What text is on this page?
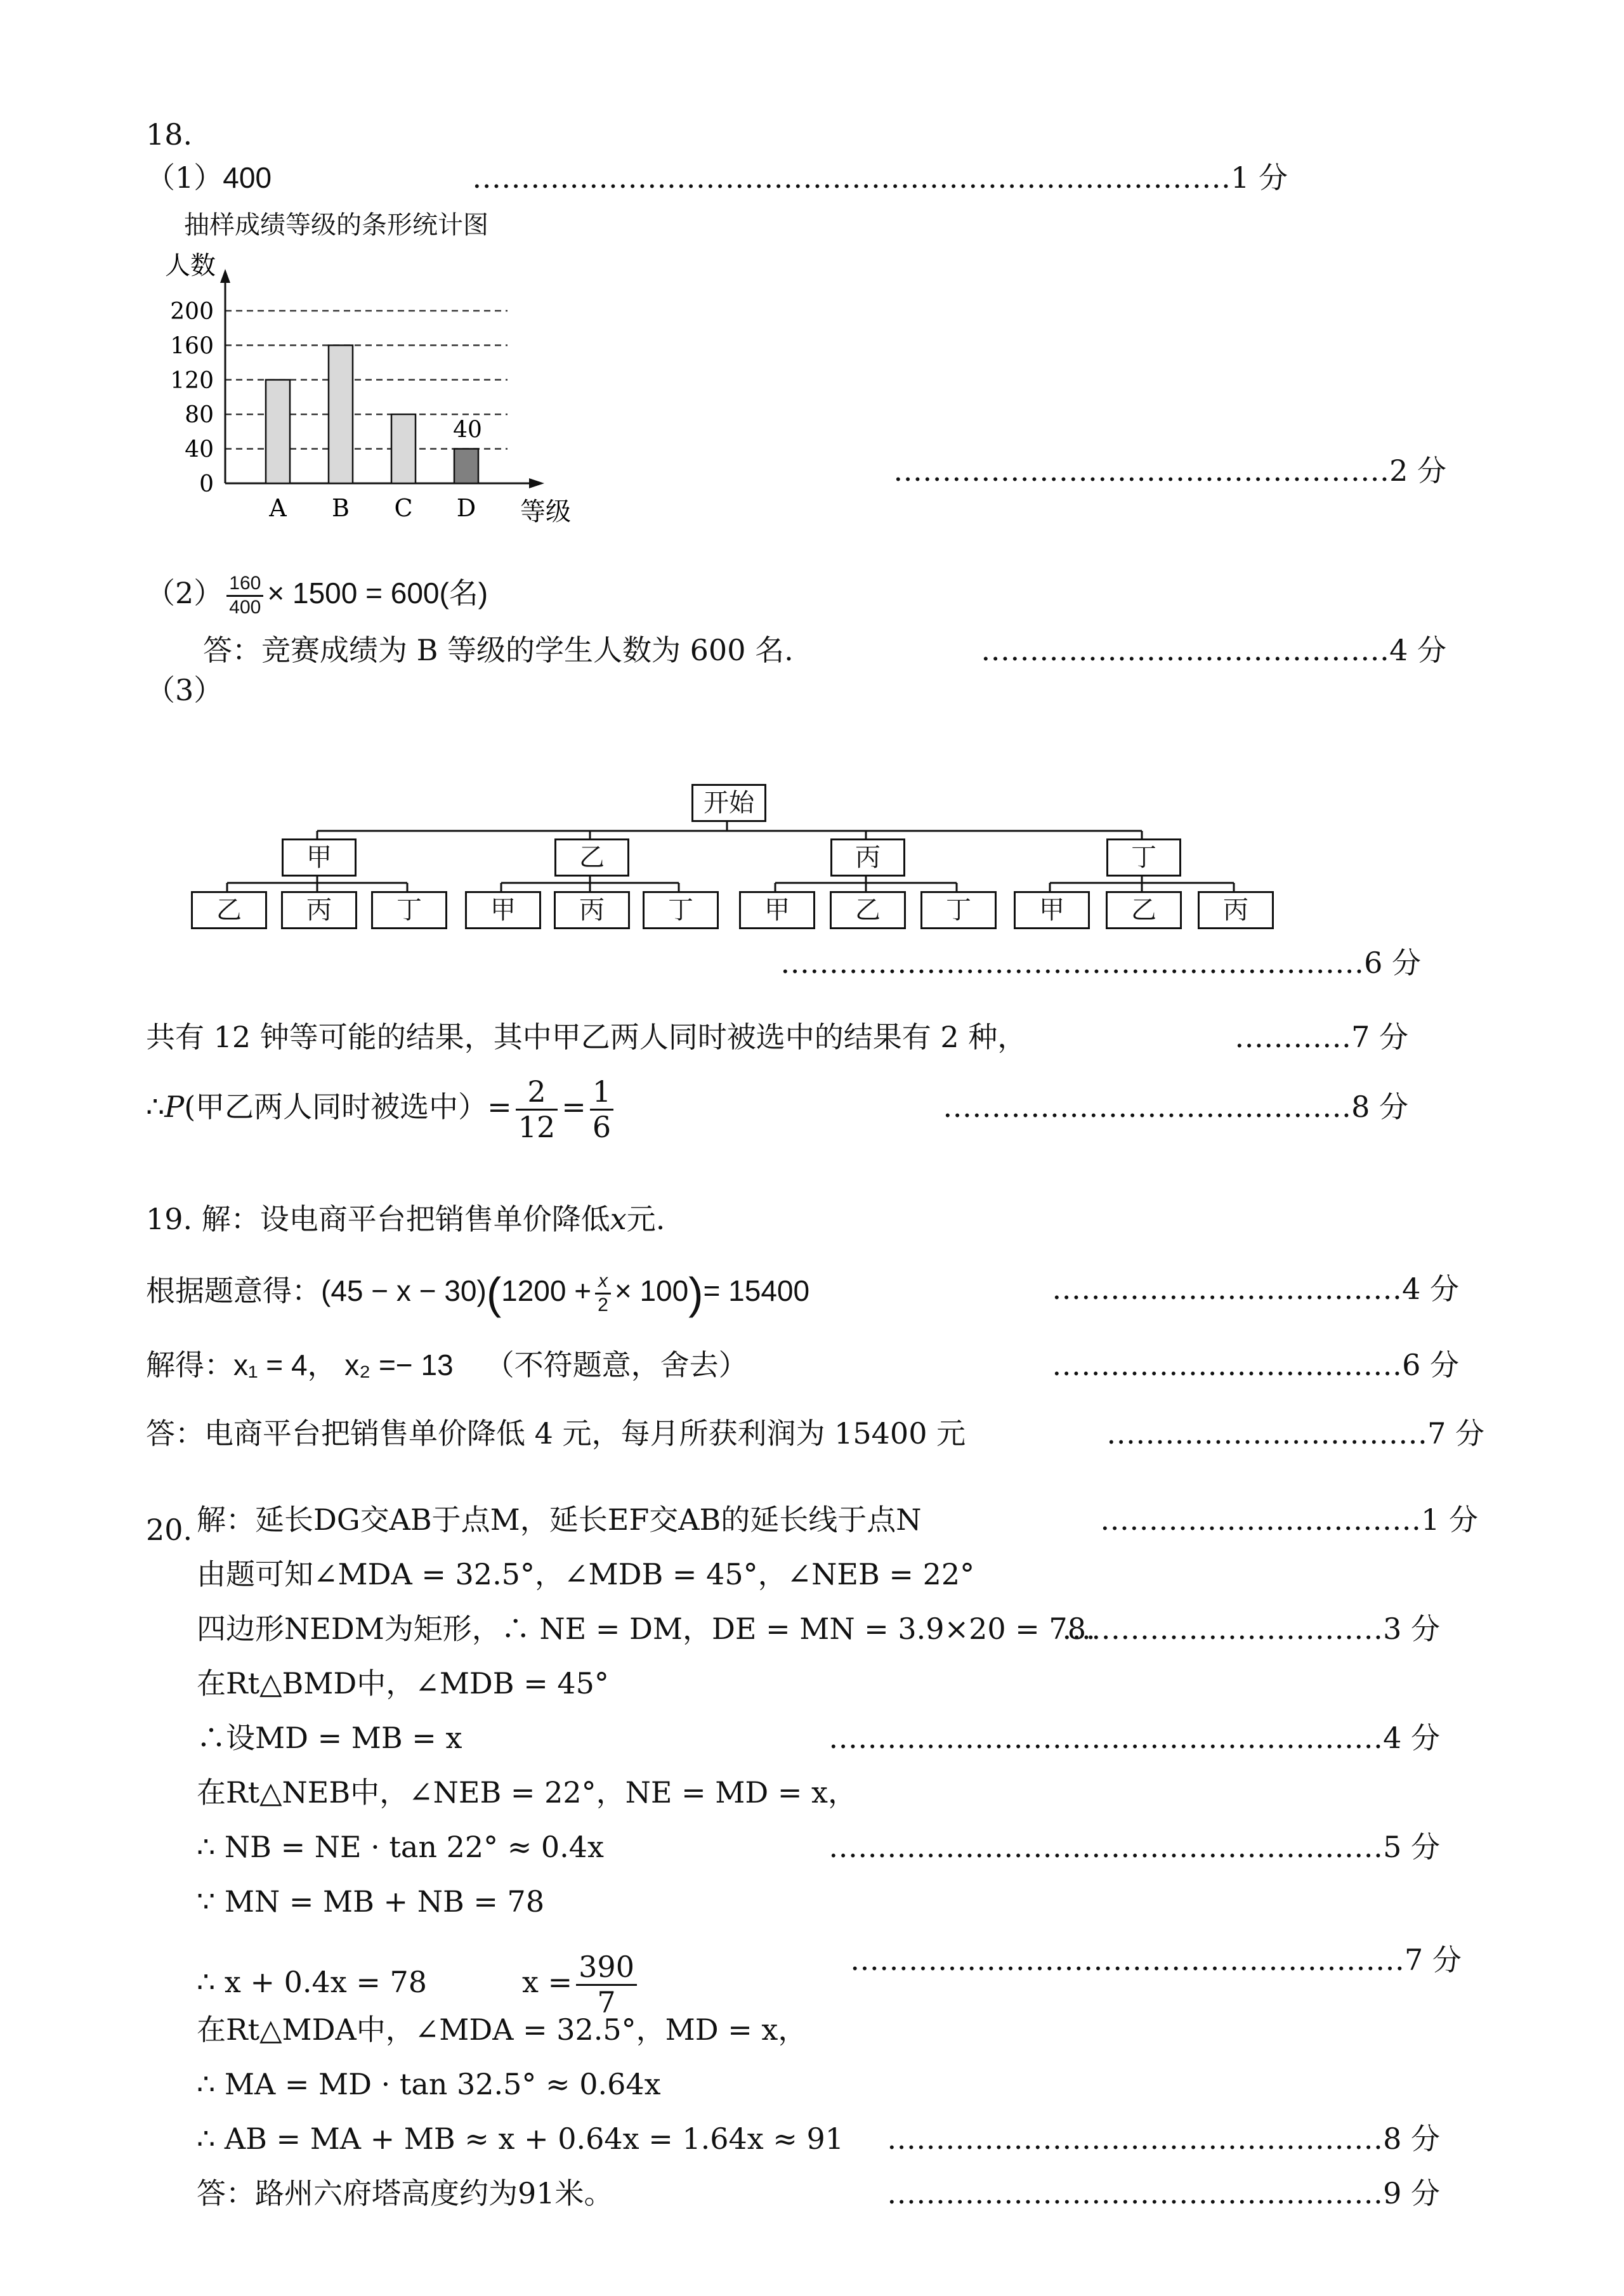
18.
（1）400	……………………………………………………………………1 分
抽样成绩等级的条形统计图
0
40
80
120
160
200
人数
等级
A B C D
40
……………………………………………2 分
$(2) \frac{160}{400} \times 1500 = 600$(名)
答：竞赛成绩为 B 等级的学生人数为 600 名.	……………………………………4 分
（3）
开始
甲	乙	丙	丁
乙	丙	丁	甲	丙	丁	甲	乙	丁	甲	乙	丙
……………………………………………………6 分
共有 12 钟等可能的结果，其中甲乙两人同时被选中的结果有 2 种，	…………7 分
∴P(甲乙两人同时被选中）= $\frac{2}{12} = \frac{1}{6}$	……………………………………8 分
19. 解：设电商平台把销售单价降低x元.
根据题意得：$(45 - x - 30)(1200 + \frac{x}{2} \times 100)= 15400$	………………………………4 分
解得：x₁ = 4， x₂ =− 13 （不符题意，舍去）	………………………………6 分
答：电商平台把销售单价降低 4 元，每月所获利润为 15400 元	……………………………7 分
20. 解：延长DG交AB于点M，延长EF交AB的延长线于点N	……………………………1 分
由题可知∠MDA = 32.5°，∠MDB = 45°，∠NEB = 22°
四边形NEDM为矩形，∴ NE = DM，DE = MN = 3.9×20 = 78.
……………………………3 分
在Rt△BMD中，∠MDB = 45°
∴设MD = MB = x	…………………………………………………4 分
在Rt△NEB中，∠NEB = 22°，NE = MD = x，
∴ NB = NE · tan 22° ≈ 0.4x	…………………………………………………5 分
∵ MN = MB + NB = 78
∴ x + 0.4x = 78	$x = \frac{390}{7}$	…………………………………………………7 分
在Rt△MDA中，∠MDA = 32.5°，MD = x，
∴ MA = MD · tan 32.5° ≈ 0.64x
∴ AB = MA + MB ≈ x + 0.64x = 1.64x ≈ 91	……………………………………………8 分
答：路州六府塔高度约为91米。	……………………………………………9 分
